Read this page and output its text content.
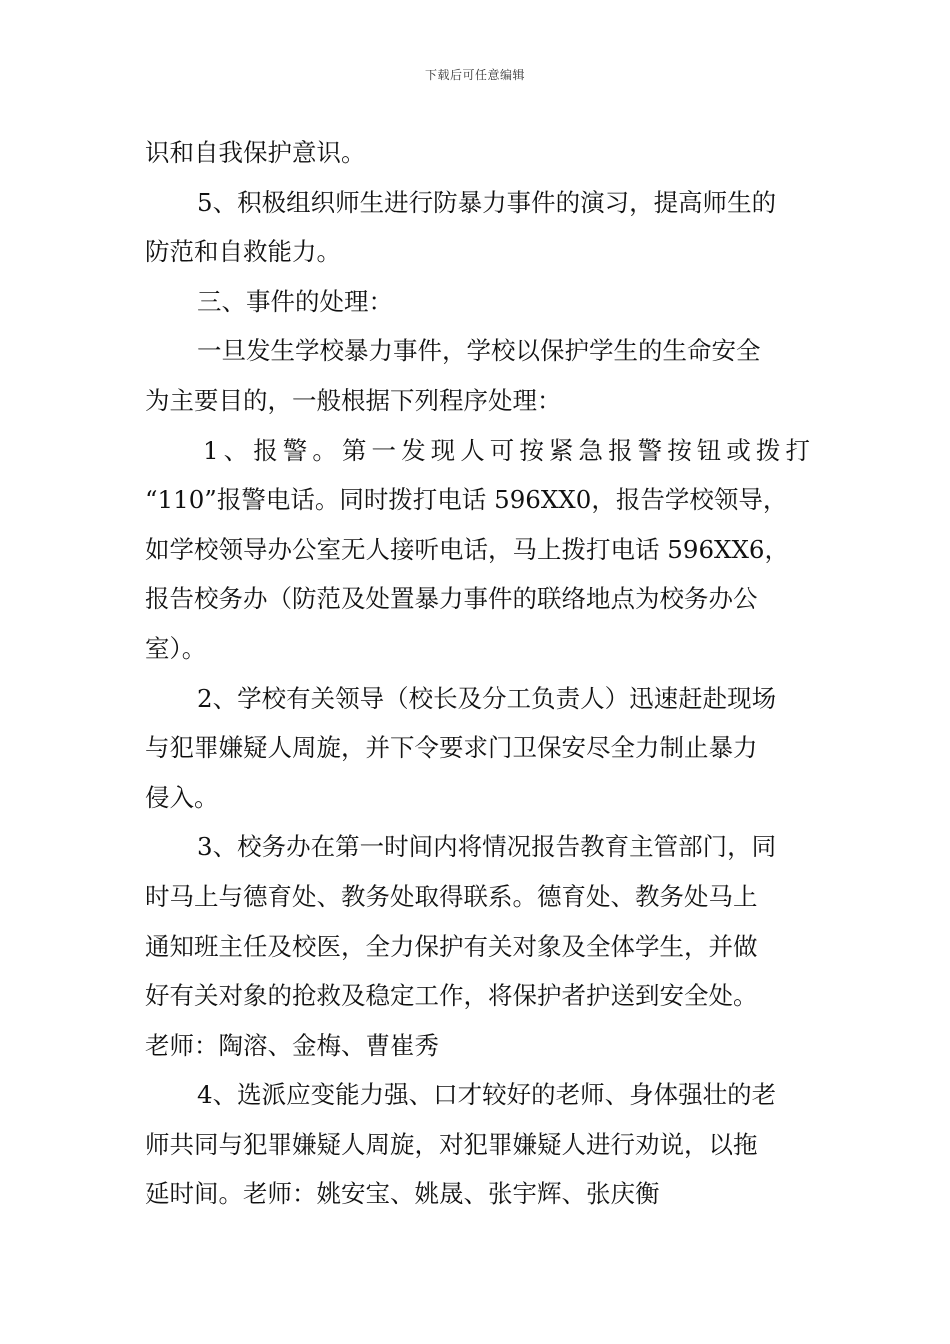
下载后可任意编辑
识和自我保护意识。
5、积极组织师生进行防暴力事件的演习，提高师生的
防范和自救能力。
三、事件的处理：
一旦发生学校暴力事件，学校以保护学生的生命安全
为主要目的，一般根据下列程序处理：
1、报警。第一发现人可按紧急报警按钮或拨打
“110”报警电话。同时拨打电话 596XX0，报告学校领导，
如学校领导办公室无人接听电话，马上拨打电话 596XX6，
报告校务办（防范及处置暴力事件的联络地点为校务办公
室）。
2、学校有关领导（校长及分工负责人）迅速赶赴现场
与犯罪嫌疑人周旋，并下令要求门卫保安尽全力制止暴力
侵入。
3、校务办在第一时间内将情况报告教育主管部门，同
时马上与德育处、教务处取得联系。德育处、教务处马上
通知班主任及校医，全力保护有关对象及全体学生，并做
好有关对象的抢救及稳定工作，将保护者护送到安全处。
老师：陶溶、金梅、曹崔秀
4、选派应变能力强、口才较好的老师、身体强壮的老
师共同与犯罪嫌疑人周旋，对犯罪嫌疑人进行劝说，以拖
延时间。老师：姚安宝、姚晟、张宇辉、张庆衡
